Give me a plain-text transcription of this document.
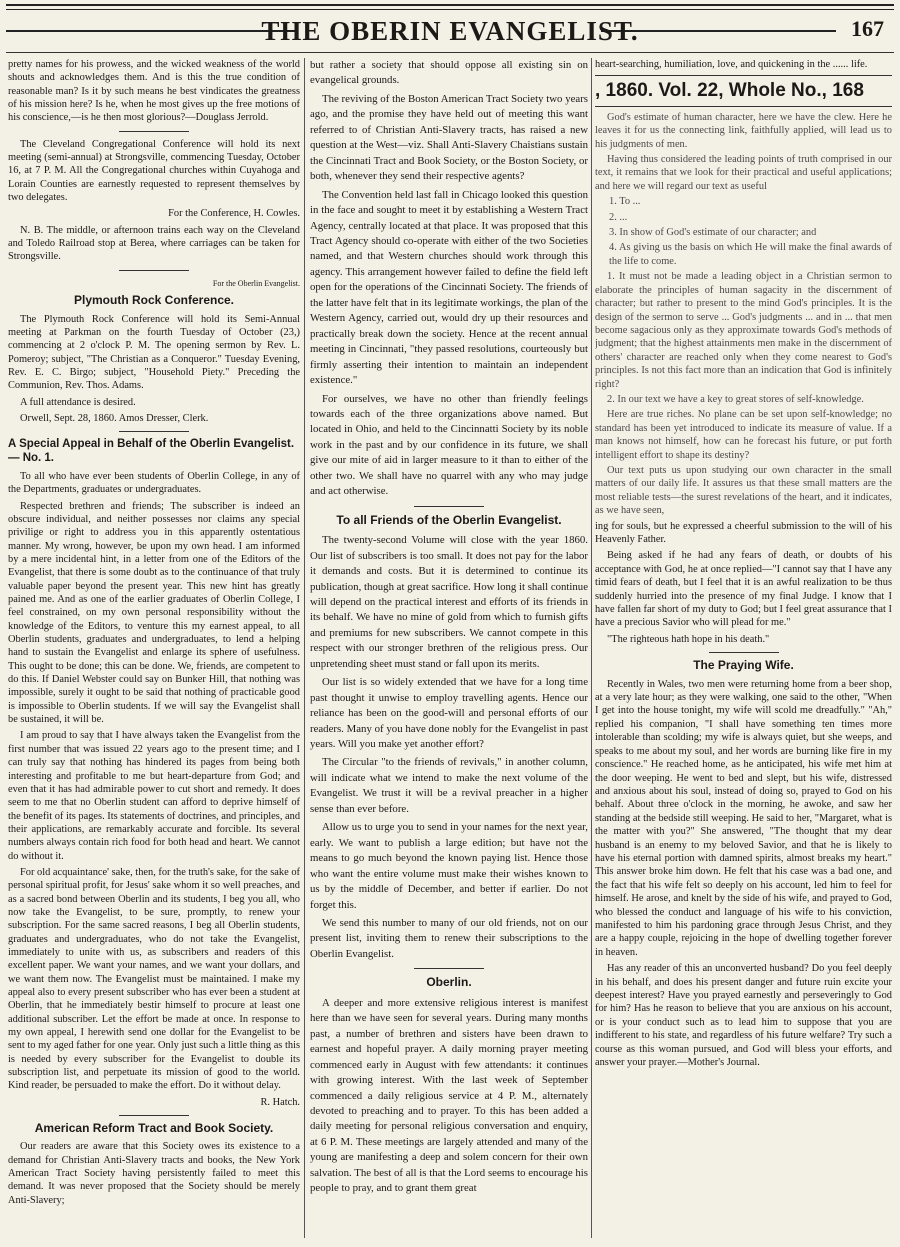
THE OBERIN EVANGELIST.	167

pretty names for his prowess, and the wicked weakness of the world shouts and acknowledges them. And is this the true condition of reasonable man? Is it by such means he best vindicates the greatness of his mission here? Is he, when he most gives up the free motions of his conscience,—is he then most glorious?—Douglass Jerrold.

The Cleveland Congregational Conference will hold its next meeting (semi-annual) at Strongsville, commencing Tuesday, October 16, at 7 P. M. All the Congregational churches within Cuyahoga and Lorain Counties are earnestly requested to represent themselves by two delegates.

For the Conference, H. Cowles.

N. B. The middle, or afternoon trains each way on the Cleveland and Toledo Railroad stop at Berea, where carriages can be taken for Strongsville.

For the Oberlin Evangelist.

Plymouth Rock Conference.

The Plymouth Rock Conference will hold its Semi-Annual meeting at Parkman on the fourth Tuesday of October (23,) commencing at 2 o'clock P. M. The opening sermon by Rev. L. Pomeroy; subject, "The Christian as a Conqueror." Tuesday Evening, Rev. E. C. Birgo; subject, "Household Piety." Preceding the Communion, Rev. Thos. Adams.

A full attendance is desired.

Orwell, Sept. 28, 1860. Amos Dresser, Clerk.

A Special Appeal in Behalf of the Oberlin Evangelist.— No. 1.

To all who have ever been students of Oberlin College, in any of the Departments, graduates or undergraduates.

Respected brethren and friends; The subscriber is indeed an obscure individual, and neither possesses nor claims any special privilige or right to address you in this apparently ostentatious manner. My wrong, however, be upon my own head. I am informed by a mere incidental hint, in a letter from one of the Editors of the Evangelist, that there is some doubt as to the continuance of that truly valuable paper beyond the present year. This new hint has greatly pained me. And as one of the earlier graduates of Oberlin College, I feel constrained, on my own personal responsibility without the knowledge of the Editors, to venture this my earnest appeal, to all Oberlin students, graduates and undergraduates, to lend a helping hand to sustain the Evangelist and enlarge its sphere of usefulness. This ought to be done; this can be done. We, friends, are competent to do this. If Daniel Webster could say on Bunker Hill, that nothing was impossible, surely it ought to be said that nothing of practicable good is impossible to Oberlin students. If we will say the Evangelist shall be sustained, it will be.

I am proud to say that I have always taken the Evangelist from the first number that was issued 22 years ago to the present time; and I can truly say that nothing has hindered its pages from being both interesting and profitable to me but heart-departure from God; and even that it has had admirable power to cut short and remedy. It does seem to me that no Oberlin student can afford to deprive himself of the benefit of its pages. Its statements of doctrines, and principles, and their applications, are remarkably accurate and forcible. Its several numbers always contain rich food for both head and heart. We cannot do without it.

For old acquaintance' sake, then, for the truth's sake, for the sake of personal spiritual profit, for Jesus' sake whom it so well preaches, and as a sacred bond between Oberlin and its students, I beg you all, who now take the Evangelist, to be sure, promptly, to renew your subscription. For the same sacred reasons, I beg all Oberlin students, graduates and undergraduates, who do not take the Evangelist, immediately to unite with us, as subscribers and readers of this excellent paper. We want your names, and we want your dollars, and we want them now. The Evangelist must be maintained. I make my appeal also to every present subscriber who has ever been a student at Oberlin, that he immediately bestir himself to procure at least one additional subscriber. Let the effort be made at once. In response to my own appeal, I herewith send one dollar for the Evangelist to be sent to my aged father for one year. Only just such a little thing as this is needed by every subscriber for the Evangelist to double its subscription list, and perpetuate its mission of good to the world. Kind reader, be persuaded to make the effort. Do it without delay.

R. Hatch.

American Reform Tract and Book Society.

Our readers are aware that this Society owes its existence to a demand for Christian Anti-Slavery tracts and books, the New York American Tract Society having persistently failed to meet this demand. It was never proposed that the Society should be merely Anti-Slavery;

but rather a society that should oppose all existing sin on evangelical grounds.

The reviving of the Boston American Tract Society two years ago, and the promise they have held out of meeting this want referred to of Christian Anti-Slavery tracts, has raised a new question at the West—viz. Shall Anti-Slavery Chaistians sustain the Cincinnati Tract and Book Society, or the Boston Society, or both, whenever they send their respective agents?

The Convention held last fall in Chicago looked this question in the face and sought to meet it by establishing a Western Tract Agency, centrally located at that place. It was proposed that this Tract Agency should co-operate with either of the two Societies named, and that Western churches should work through this agency. This arrangement however failed to define the field left open for the operations of the Cincinnati Society. The friends of the latter have felt that in its legitimate workings, the plan of the Western Agency, carried out, would dry up their resources and practically break down the society. Hence at the recent annual meeting in Cincinnati, "they passed resolutions, courteously but firmly asserting their intention to maintain an independent existence."

For ourselves, we have no other than friendly feelings towards each of the three organizations above named. But located in Ohio, and held to the Cincinnatti Society by its noble work in the past and by our confidence in its future, we shall give our mite of aid in larger measure to it than to either of the other two. We shall have no quarrel with any who may judge and act otherwise.

To all Friends of the Oberlin Evangelist.

The twenty-second Volume will close with the year 1860. Our list of subscribers is too small. It does not pay for the labor it demands and costs. But it is determined to continue its publication, though at great sacrifice. How long it shall continue will depend on the practical interest and efforts of its friends in its behalf. We have no mine of gold from which to furnish gifts and premiums for new subscribers. We cannot compete in this respect with our stronger brethren of the religious press. Our unpretending sheet must stand or fall upon its merits.

Our list is so widely extended that we have for a long time past thought it unwise to employ travelling agents. Hence our reliance has been on the good-will and personal efforts of our readers. Many of you have done nobly for the Evangelist in past years. Will you make yet another effort?

The Circular "to the friends of revivals," in another column, will indicate what we intend to make the next volume of the Evangelist. We trust it will be a revival preacher in a higher sense than ever before.

Allow us to urge you to send in your names for the next year, early. We want to publish a large edition; but have not the means to go much beyond the known paying list. Hence those who want the entire volume must make their wishes known to us by the middle of December, and better if earlier. Do not forget this.

We send this number to many of our old friends, not on our present list, inviting them to renew their subscriptions to the Oberlin Evangelist.

Oberlin.

A deeper and more extensive religious interest is manifest here than we have seen for several years. During many months past, a number of brethren and sisters have been drawn to earnest and hopeful prayer. A daily morning prayer meeting commenced early in August with few attendants: it continues with growing interest. With the last week of September commenced a daily religious service at 4 P. M., alternately devoted to preaching and to prayer. To this has been added a daily meeting for personal religious conversation and enquiry, at 6 P. M. These meetings are largely attended and many of the young are manifesting a deep and solem concern for their own salvation. The best of all is that the Lord seems to encourage his people to pray, and to grant them great

heart-searching, humiliation, love, and quickening in the ...... life.

, 1860. Vol. 22, Whole No., 168

God's estimate of human character, here we have the clew. Here he leaves it for us the connecting link, faithfully applied, will lead us to his judgments of men.

Having thus considered the leading points of truth comprised in our text, it remains that we look for their practical and useful applications; and here we will regard our text as useful

1. To ...

2. ...

3. In show of God's estimate of our character; and

4. As giving us the basis on which He will make the final awards of the life to come.

1. It must not be made a leading object in a Christian sermon to elaborate the principles of human sagacity in the discernment of character; but rather to present to the mind God's principles. It is the design of the sermon to serve ... God's judgments ... and in ... that men become sagacious only as they approximate towards God's methods of judgment; that the highest attainments men make in the discernment of others' character are reached only when they come nearest to God's principles. Is not this fact more than an indication that God is infinitely right?

2. In our text we have a key to great stores of self-knowledge.

Here are true riches. No plane can be set upon self-knowledge; no standard has been yet introduced to indicate its measure of value. If a man knows not himself, how can he forecast his future, or put forth intelligent effort to shape its destiny?

Our text puts us upon studying our own character in the small matters of our daily life. It assures us that these small matters are the most reliable tests—the surest revelations of the heart, and it indicates, as we have seen,

ing for souls, but he expressed a cheerful submission to the will of his Heavenly Father.

Being asked if he had any fears of death, or doubts of his acceptance with God, he at once replied—"I cannot say that I have any timid fears of death, but I feel that it is an awful realization to be thus suddenly hurried into the presence of my final Judge. I know that I have fallen far short of my duty to God; but I feel great assurance that I have a precious Savior who will plead for me."

"The righteous hath hope in his death."

The Praying Wife.

Recently in Wales, two men were returning home from a beer shop, at a very late hour; as they were walking, one said to the other, "When I get into the house tonight, my wife will scold me dreadfully." "Ah," replied his companion, "I shall have something ten times more intolerable than scolding; my wife is always quiet, but she weeps, and speaks to me about my soul, and her words are burning like fire in my conscience." He reached home, as he anticipated, his wife met him at the door weeping. He went to bed and slept, but his wife, distressed and anxious about his soul, instead of doing so, prayed to God on his behalf. About three o'clock in the morning, he awoke, and saw her standing at the bedside still weeping. He said to her, "Margaret, what is the matter with you?" She answered, "The thought that my dear husband is an enemy to my beloved Savior, and that he is likely to have his eternal portion with damned spirits, almost breaks my heart." This answer broke him down. He felt that his case was a bad one, and the fact that his wife felt so deeply on his account, led him to feel for himself. He arose, and knelt by the side of his wife, and prayed to God, who blessed the conduct and language of his wife to his conviction, manifested to him his pardoning grace through Jesus Christ, and they are a happy couple, rejoicing in the hope of dwelling together forever in heaven.

Has any reader of this an unconverted husband? Do you feel deeply in his behalf, and does his present danger and future ruin excite your deepest interest? Have you prayed earnestly and perseveringly to God for him? Has he reason to believe that you are anxious on his account, or is your conduct such as to lead him to suppose that you are indifferent to his state, and regardless of his future welfare? Try such a course as this woman pursued, and God will bless your efforts, and answer your prayer.—Mother's Journal.
